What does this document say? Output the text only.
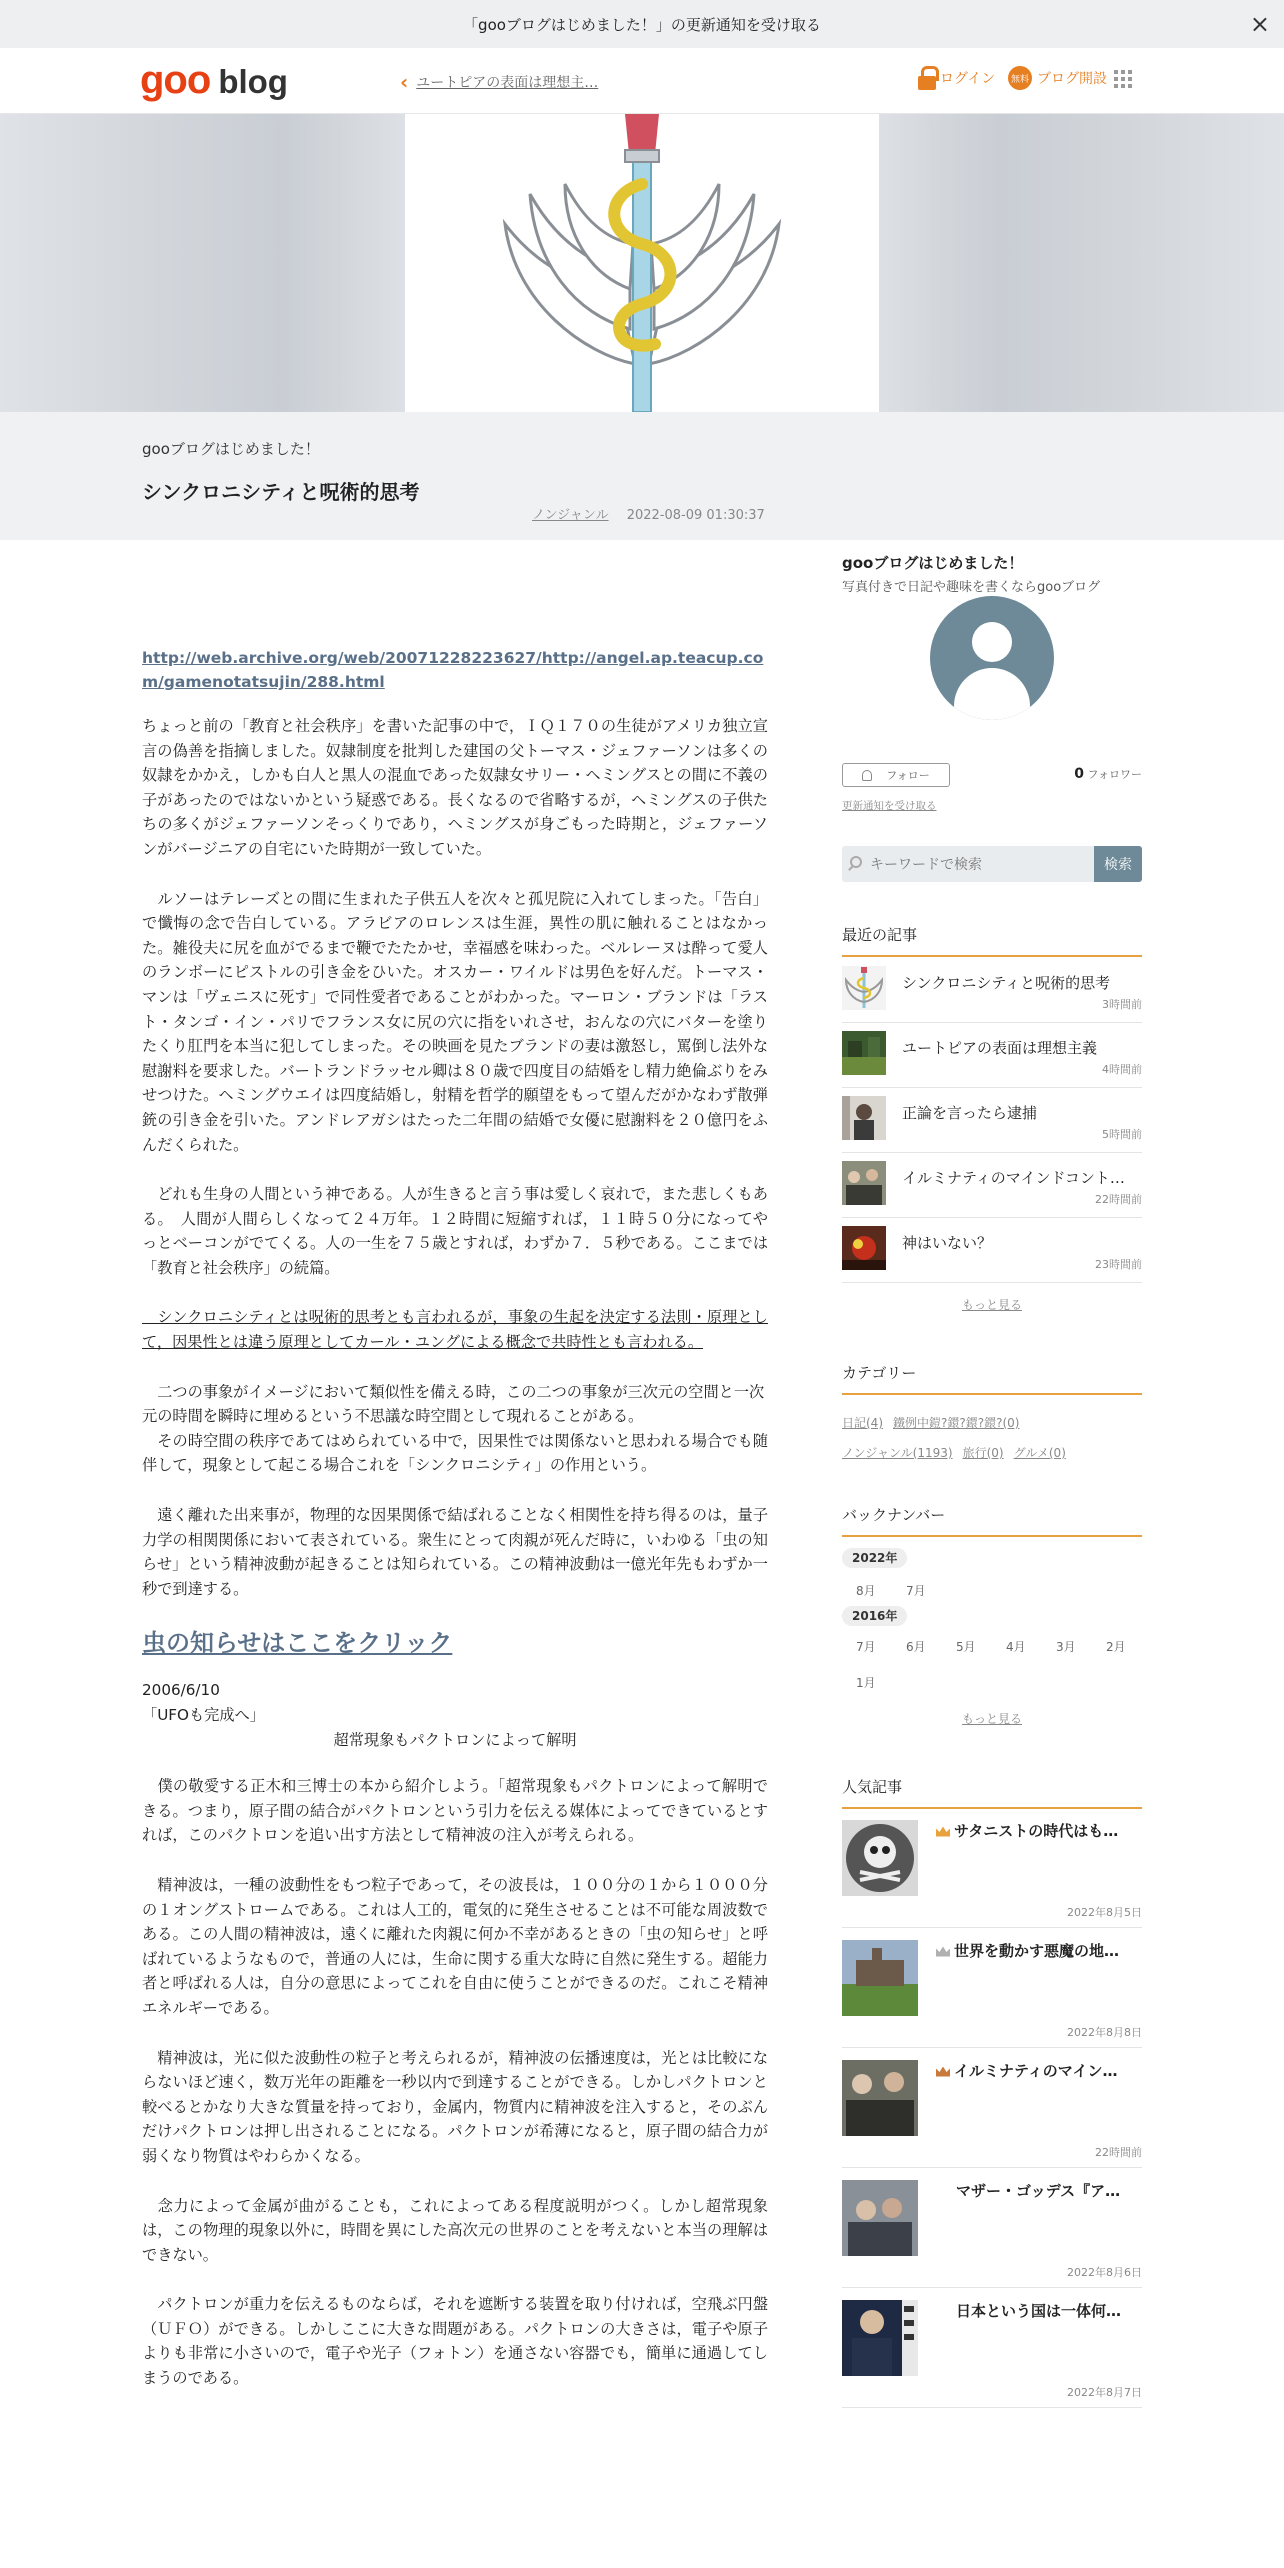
「gooブログはじめました！」の更新通知を受け取る	×
goo blog	‹ ユートピアの表面は理想主…	ログイン	無料 ブログ開設
gooブログはじめました！
シンクロニシティと呪術的思考
ノンジャンル 2022-08-09 01:30:37

http://web.archive.org/web/20071228223627/http://angel.ap.teacup.com/gamenotatsujin/288.html

ちょっと前の「教育と社会秩序」を書いた記事の中で，ＩＱ１７０の生徒がアメリカ独立宣言の偽善を指摘しました。奴隷制度を批判した建国の父トーマス・ジェファーソンは多くの奴隷をかかえ，しかも白人と黒人の混血であった奴隷女サリー・ヘミングスとの間に不義の子があったのではないかという疑惑である。長くなるので省略するが，ヘミングスの子供たちの多くがジェファーソンそっくりであり，ヘミングスが身ごもった時期と，ジェファーソンがバージニアの自宅にいた時期が一致していた。

　ルソーはテレーズとの間に生まれた子供五人を次々と孤児院に入れてしまった。「告白」で懺悔の念で告白している。アラビアのロレンスは生涯，異性の肌に触れることはなかった。雑役夫に尻を血がでるまで鞭でたたかせ，幸福感を味わった。ベルレーヌは酔って愛人のランボーにピストルの引き金をひいた。オスカー・ワイルドは男色を好んだ。トーマス・マンは「ヴェニスに死す」で同性愛者であることがわかった。マーロン・ブランドは「ラスト・タンゴ・イン・パリでフランス女に尻の穴に指をいれさせ，おんなの穴にバターを塗りたくり肛門を本当に犯してしまった。その映画を見たブランドの妻は激怒し，罵倒し法外な慰謝料を要求した。バートランドラッセル卿は８０歳で四度目の結婚をし精力絶倫ぶりをみせつけた。ヘミングウエイは四度結婚し，射精を哲学的願望をもって望んだがかなわず散弾銃の引き金を引いた。アンドレアガシはたった二年間の結婚で女優に慰謝料を２０億円をふんだくられた。

　どれも生身の人間という神である。人が生きると言う事は愛しく哀れで，また悲しくもある。　人間が人間らしくなって２４万年。１２時間に短縮すれば，１１時５０分になってやっとベーコンがでてくる。人の一生を７５歳とすれば，わずか７．５秒である。ここまでは「教育と社会秩序」の続篇。

　シンクロニシティとは呪術的思考とも言われるが，事象の生起を決定する法則・原理として，因果性とは違う原理としてカール・ユングによる概念で共時性とも言われる。

　二つの事象がイメージにおいて類似性を備える時，この二つの事象が三次元の空間と一次元の時間を瞬時に埋めるという不思議な時空間として現れることがある。

　その時空間の秩序であてはめられている中で，因果性では関係ないと思われる場合でも随伴して，現象として起こる場合これを「シンクロニシティ」の作用という。

　遠く離れた出来事が，物理的な因果関係で結ばれることなく相関性を持ち得るのは，量子力学の相関関係において表されている。衆生にとって肉親が死んだ時に，いわゆる「虫の知らせ」という精神波動が起きることは知られている。この精神波動は一億光年先もわずか一秒で到達する。

虫の知らせはここをクリック

2006/6/10

「UFOも完成へ」

超常現象もパクトロンによって解明

　僕の敬愛する正木和三博士の本から紹介しよう。「超常現象もパクトロンによって解明できる。つまり，原子間の結合がパクトロンという引力を伝える媒体によってできているとすれば，このパクトロンを追い出す方法として精神波の注入が考えられる。

　精神波は，一種の波動性をもつ粒子であって，その波長は，１００分の１から１０００分の１オングストロームである。これは人工的，電気的に発生させることは不可能な周波数である。この人間の精神波は，遠くに離れた肉親に何か不幸があるときの「虫の知らせ」と呼ばれているようなもので，普通の人には，生命に関する重大な時に自然に発生する。超能力者と呼ばれる人は，自分の意思によってこれを自由に使うことができるのだ。これこそ精神エネルギーである。

　精神波は，光に似た波動性の粒子と考えられるが，精神波の伝播速度は，光とは比較にならないほど速く，数万光年の距離を一秒以内で到達することができる。しかしパクトロンと較べるとかなり大きな質量を持っており，金属内，物質内に精神波を注入すると，そのぶんだけパクトロンは押し出されることになる。パクトロンが希薄になると，原子間の結合力が弱くなり物質はやわらかくなる。

　念力によって金属が曲がることも，これによってある程度説明がつく。しかし超常現象は，この物理的現象以外に，時間を異にした高次元の世界のことを考えないと本当の理解はできない。

　パクトロンが重力を伝えるものならば，それを遮断する装置を取り付ければ，空飛ぶ円盤（ＵＦＯ）ができる。しかしここに大きな問題がある。パクトロンの大きさは，電子や原子よりも非常に小さいので，電子や光子（フォトン）を通さない容器でも，簡単に通過してしまうのである。

gooブログはじめました！
写真付きで日記や趣味を書くならgooブログ
フォロー	0 フォロワー
更新通知を受け取る
キーワードで検索
検索
最近の記事
シンクロニシティと呪術的思考
3時間前
ユートピアの表面は理想主義
4時間前
正論を言ったら逮捕
5時間前
イルミナティのマインドコント…
22時間前
神はいない？
23時間前
もっと見る
カテゴリー
日記(4) 鐵例中鎧?鐶?鐶?鐶?(0)
ノンジャンル(1193) 旅行(0) グルメ(0)
バックナンバー
2022年
8月	7月
2016年
7月	6月	5月	4月	3月	2月
1月
もっと見る
人気記事
サタニストの時代はも…
2022年8月5日
世界を動かす悪魔の地…
2022年8月8日
イルミナティのマイン…
22時間前
マザー・ゴッデス『ア…
2022年8月6日
日本という国は一体何…
2022年8月7日
